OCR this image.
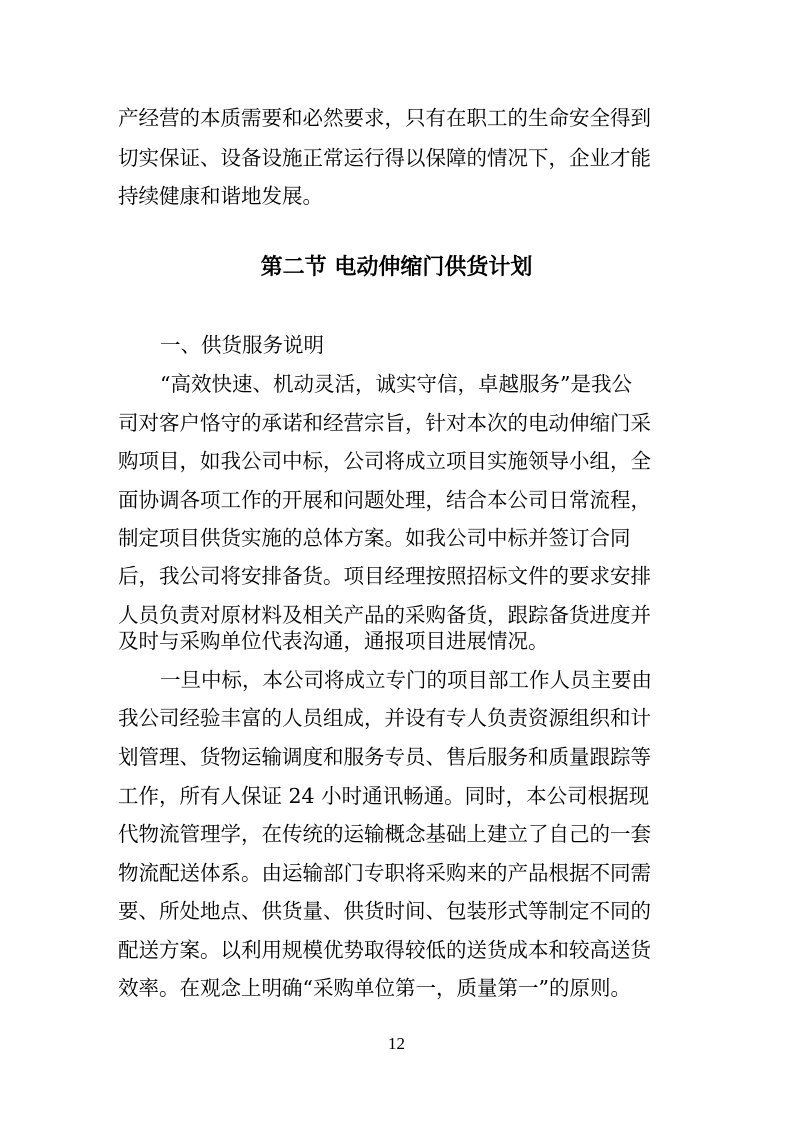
产经营的本质需要和必然要求，只有在职工的生命安全得到
切实保证、设备设施正常运行得以保障的情况下，企业才能
持续健康和谐地发展。
第二节 电动伸缩门供货计划
一、供货服务说明
“高效快速、机动灵活，诚实守信，卓越服务”是我公
司对客户恪守的承诺和经营宗旨，针对本次的电动伸缩门采
购项目，如我公司中标，公司将成立项目实施领导小组，全
面协调各项工作的开展和问题处理，结合本公司日常流程，
制定项目供货实施的总体方案。如我公司中标并签订合同
后，我公司将安排备货。项目经理按照招标文件的要求安排
人员负责对原材料及相关产品的采购备货，跟踪备货进度并
及时与采购单位代表沟通，通报项目进展情况。
一旦中标，本公司将成立专门的项目部工作人员主要由
我公司经验丰富的人员组成，并设有专人负责资源组织和计
划管理、货物运输调度和服务专员、售后服务和质量跟踪等
工作，所有人保证 24 小时通讯畅通。同时，本公司根据现
代物流管理学，在传统的运输概念基础上建立了自己的一套
物流配送体系。由运输部门专职将采购来的产品根据不同需
要、所处地点、供货量、供货时间、包装形式等制定不同的
配送方案。以利用规模优势取得较低的送货成本和较高送货
效率。在观念上明确“采购单位第一，质量第一”的原则。
12
